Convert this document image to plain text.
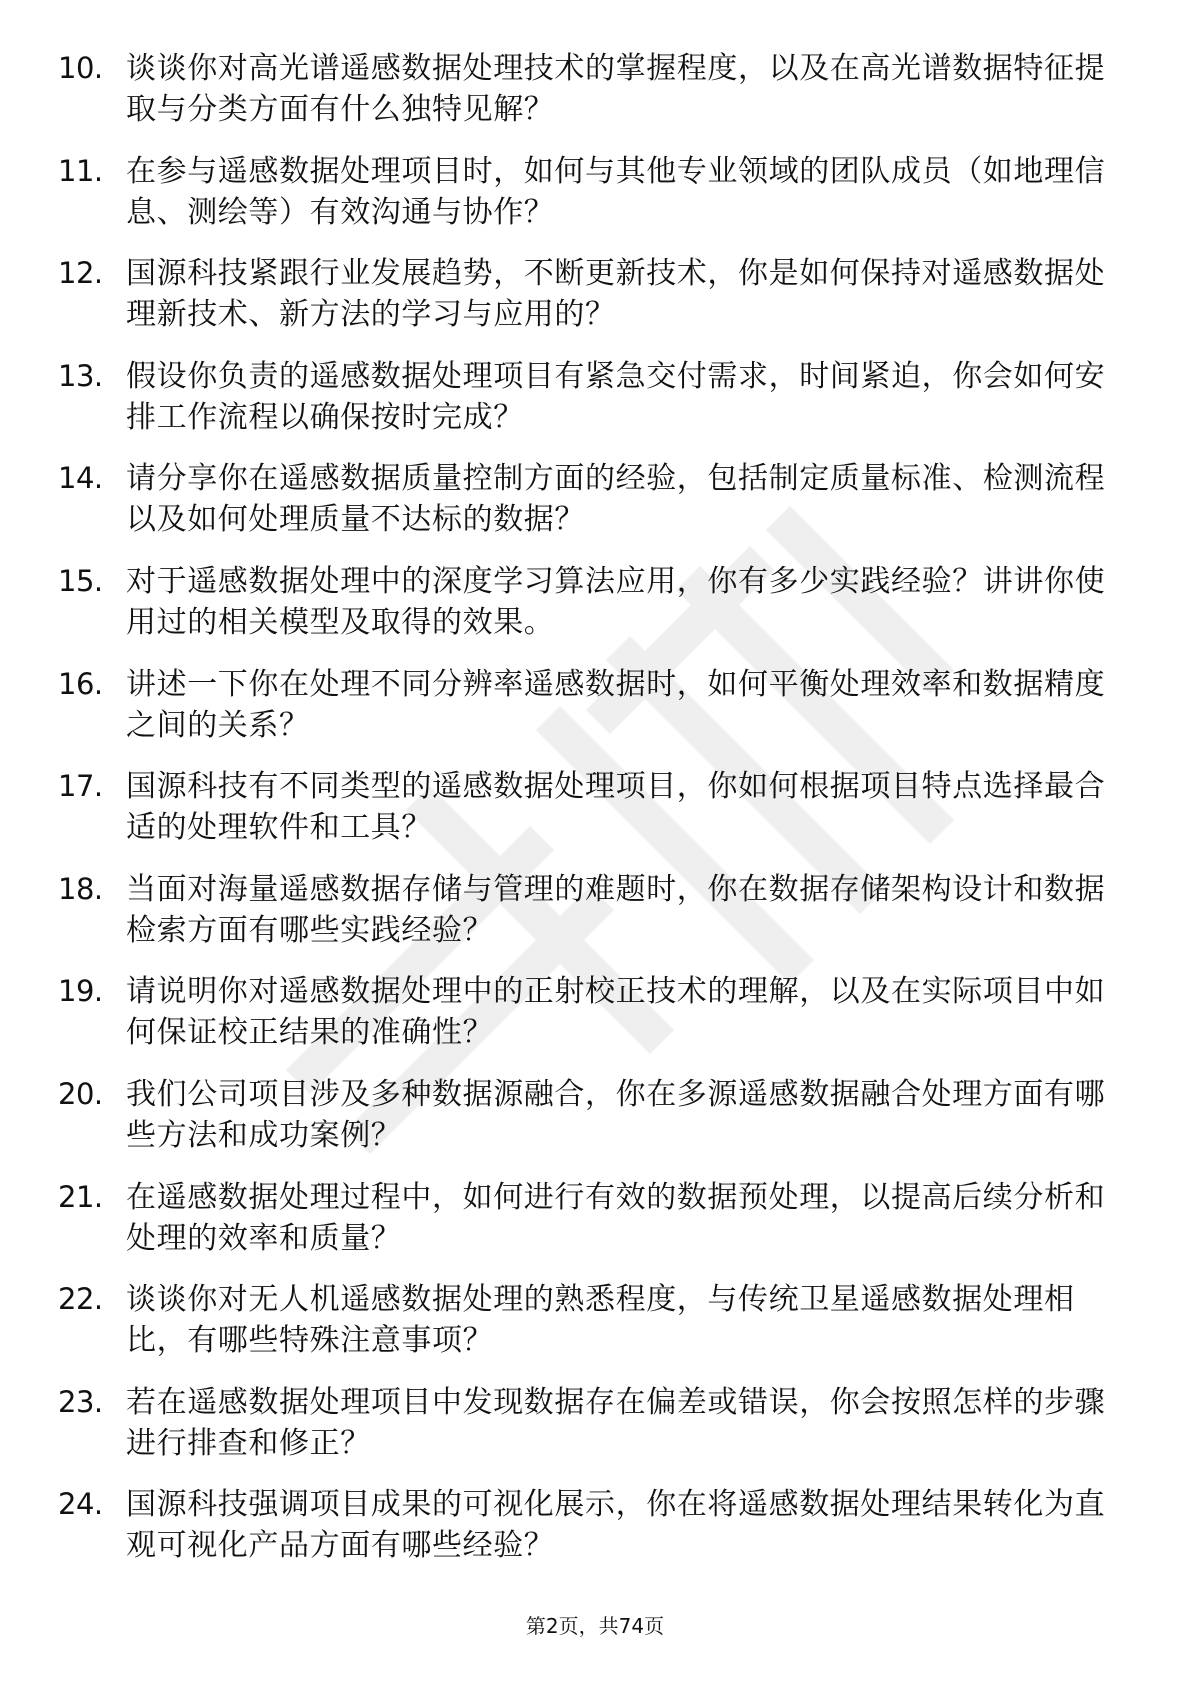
10. 谈谈你对高光谱遥感数据处理技术的掌握程度，以及在高光谱数据特征提取与分类方面有什么独特见解？
11. 在参与遥感数据处理项目时，如何与其他专业领域的团队成员（如地理信息、测绘等）有效沟通与协作？
12. 国源科技紧跟行业发展趋势，不断更新技术，你是如何保持对遥感数据处理新技术、新方法的学习与应用的？
13. 假设你负责的遥感数据处理项目有紧急交付需求，时间紧迫，你会如何安排工作流程以确保按时完成？
14. 请分享你在遥感数据质量控制方面的经验，包括制定质量标准、检测流程以及如何处理质量不达标的数据？
15. 对于遥感数据处理中的深度学习算法应用，你有多少实践经验？讲讲你使用过的相关模型及取得的效果。
16. 讲述一下你在处理不同分辨率遥感数据时，如何平衡处理效率和数据精度之间的关系？
17. 国源科技有不同类型的遥感数据处理项目，你如何根据项目特点选择最合适的处理软件和工具？
18. 当面对海量遥感数据存储与管理的难题时，你在数据存储架构设计和数据检索方面有哪些实践经验？
19. 请说明你对遥感数据处理中的正射校正技术的理解，以及在实际项目中如何保证校正结果的准确性？
20. 我们公司项目涉及多种数据源融合，你在多源遥感数据融合处理方面有哪些方法和成功案例？
21. 在遥感数据处理过程中，如何进行有效的数据预处理，以提高后续分析和处理的效率和质量？
22. 谈谈你对无人机遥感数据处理的熟悉程度，与传统卫星遥感数据处理相比，有哪些特殊注意事项？
23. 若在遥感数据处理项目中发现数据存在偏差或错误，你会按照怎样的步骤进行排查和修正？
24. 国源科技强调项目成果的可视化展示，你在将遥感数据处理结果转化为直观可视化产品方面有哪些经验？
第2页，共74页
